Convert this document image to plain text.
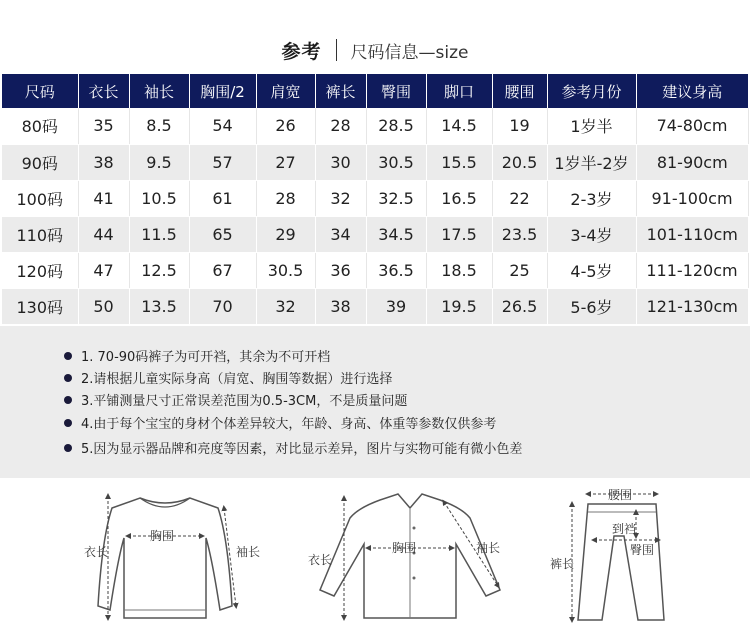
参考 尺码信息—size
尺码	衣长	袖长	胸围/2	肩宽	裤长	臀围	脚口	腰围	参考月份	建议身高
80码	35	8.5	54	26	28	28.5	14.5	19	1岁半	74-80cm
90码	38	9.5	57	27	30	30.5	15.5	20.5	1岁半-2岁	81-90cm
100码	41	10.5	61	28	32	32.5	16.5	22	2-3岁	91-100cm
110码	44	11.5	65	29	34	34.5	17.5	23.5	3-4岁	101-110cm
120码	47	12.5	67	30.5	36	36.5	18.5	25	4-5岁	111-120cm
130码	50	13.5	70	32	38	39	19.5	26.5	5-6岁	121-130cm
1. 70-90码裤子为可开裆，其余为不可开档
2.请根据儿童实际身高（肩宽、胸围等数据）进行选择
3.平铺测量尺寸正常误差范围为0.5-3CM，不是质量问题
4.由于每个宝宝的身材个体差异较大，年龄、身高、体重等参数仅供参考
5.因为显示器品牌和亮度等因素，对比显示差异，图片与实物可能有微小色差
衣长
胸围
袖长
衣长
胸围	袖长
腰围
到裆
臀围
裤长
